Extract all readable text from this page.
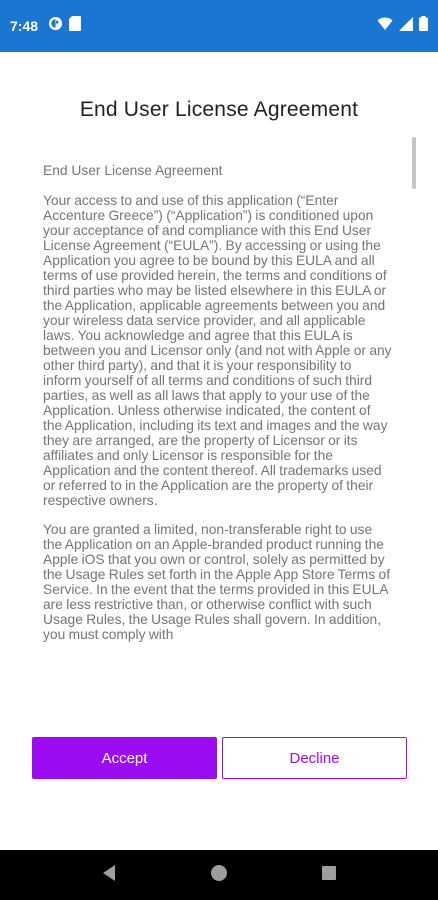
7:48
End User License Agreement

End User License Agreement

Your access to and use of this application (“Enter Accenture Greece”) (“Application”) is conditioned upon your acceptance of and compliance with this End User License Agreement (“EULA”). By accessing or using the Application you agree to be bound by this EULA and all terms of use provided herein, the terms and conditions of third parties who may be listed elsewhere in this EULA or the Application, applicable agreements between you and your wireless data service provider, and all applicable laws. You acknowledge and agree that this EULA is between you and Licensor only (and not with Apple or any other third party), and that it is your responsibility to inform yourself of all terms and conditions of such third parties, as well as all laws that apply to your use of the Application. Unless otherwise indicated, the content of the Application, including its text and images and the way they are arranged, are the property of Licensor or its affiliates and only Licensor is responsible for the Application and the content thereof. All trademarks used or referred to in the Application are the property of their respective owners.

You are granted a limited, non-transferable right to use the Application on an Apple-branded product running the Apple iOS that you own or control, solely as permitted by the Usage Rules set forth in the Apple App Store Terms of Service. In the event that the terms provided in this EULA are less restrictive than, or otherwise conflict with such Usage Rules, the Usage Rules shall govern. In addition, you must comply with

Accept	Decline
